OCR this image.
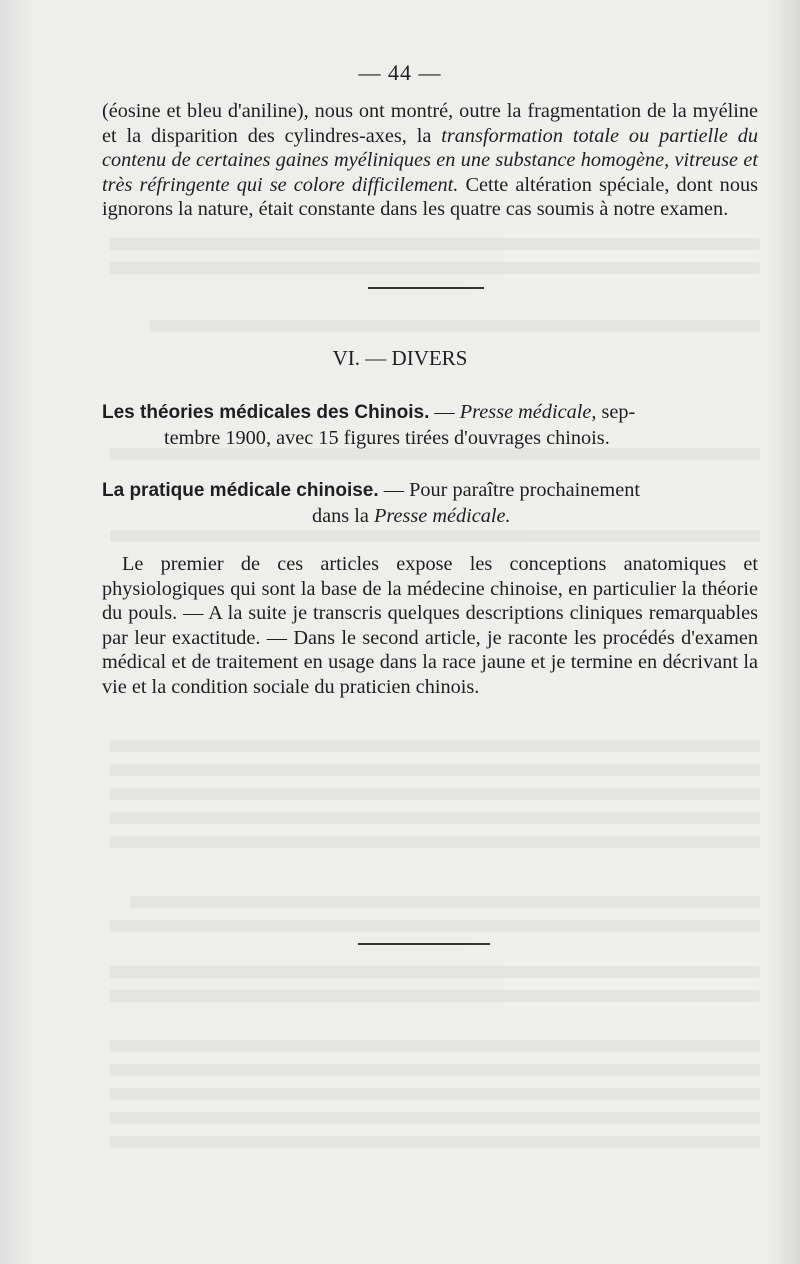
— 44 —
(éosine et bleu d'aniline), nous ont montré, outre la fragmentation de la myéline et la disparition des cylindres-axes, la transformation totale ou partielle du contenu de certaines gaines myéliniques en une substance homogène, vitreuse et très réfringente qui se colore difficilement. Cette altération spéciale, dont nous ignorons la nature, était constante dans les quatre cas soumis à notre examen.
VI. — DIVERS
Les théories médicales des Chinois. — Presse médicale, sep-
tembre 1900, avec 15 figures tirées d'ouvrages chinois.
La pratique médicale chinoise. — Pour paraître prochainement
dans la Presse médicale.
Le premier de ces articles expose les conceptions anatomiques et physiologiques qui sont la base de la médecine chinoise, en particulier la théorie du pouls. — A la suite je transcris quelques descriptions cliniques remarquables par leur exactitude. — Dans le second article, je raconte les procédés d'examen médical et de traitement en usage dans la race jaune et je termine en décrivant la vie et la condition sociale du praticien chinois.
